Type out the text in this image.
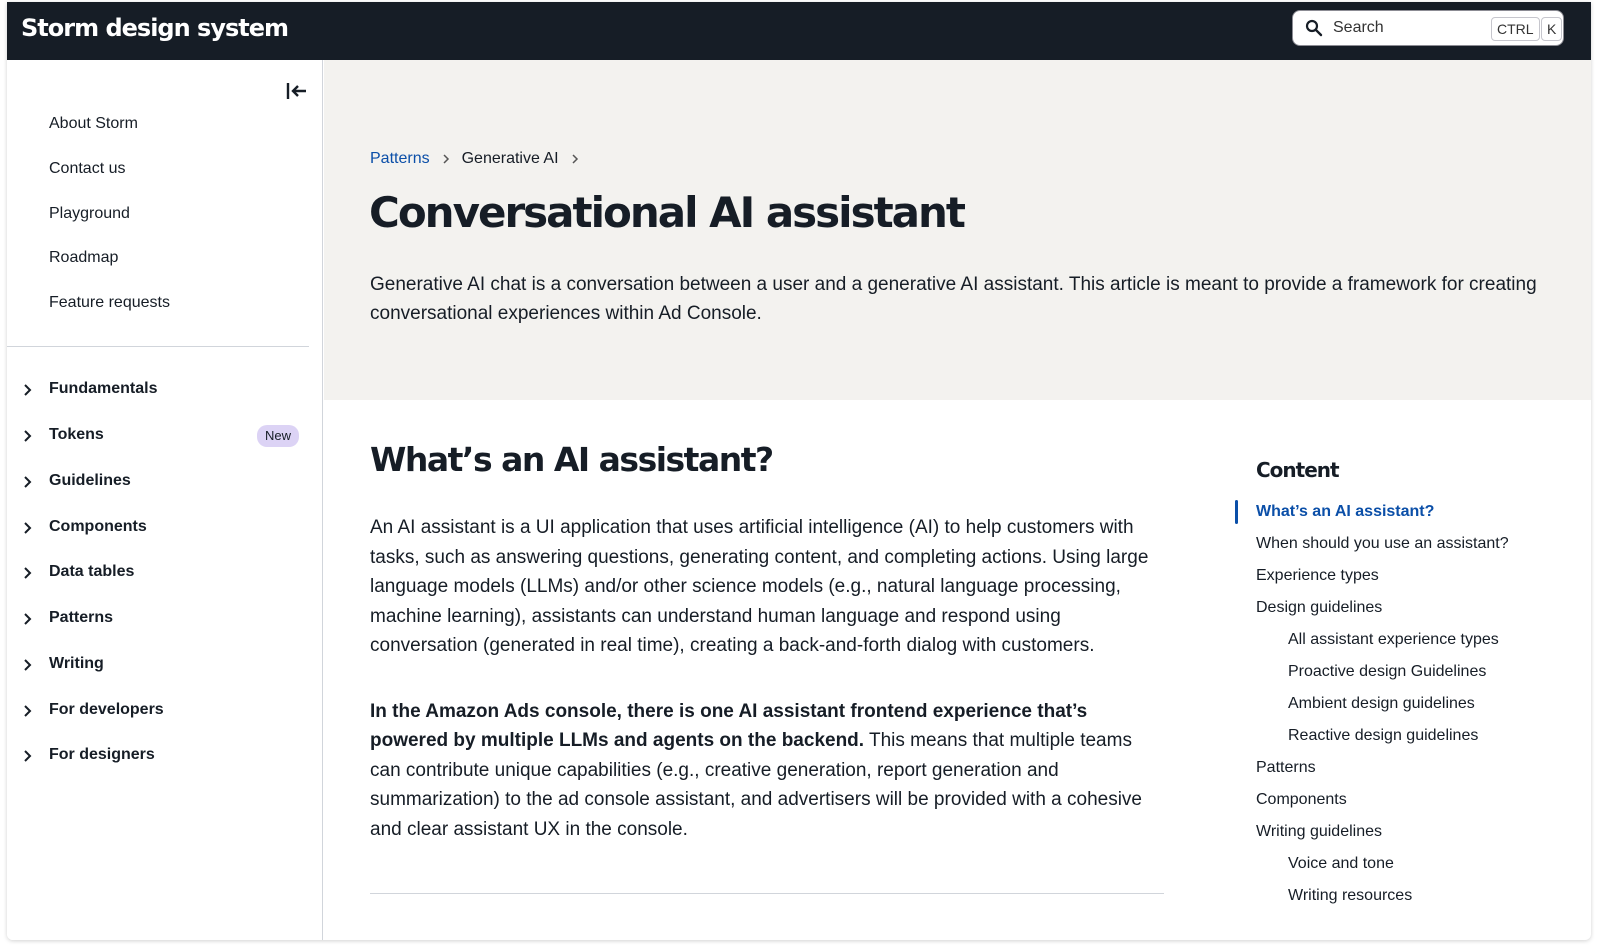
Storm design system
Search	CTRL K
About Storm
Contact us
Playground
Roadmap
Feature requests
Fundamentals
Tokens	New
Guidelines
Components
Data tables
Patterns
Writing
For developers
For designers
Patterns Generative AI
Conversational AI assistant

Generative AI chat is a conversation between a user and a generative AI assistant. This article is meant to provide a framework for creating conversational experiences within Ad Console.

What’s an AI assistant?

An AI assistant is a UI application that uses artificial intelligence (AI) to help customers with tasks, such as answering questions, generating content, and completing actions. Using large language models (LLMs) and/or other science models (e.g., natural language processing, machine learning), assistants can understand human language and respond using conversation (generated in real time), creating a back-and-forth dialog with customers.

In the Amazon Ads console, there is one AI assistant frontend experience that’s powered by multiple LLMs and agents on the backend. This means that multiple teams can contribute unique capabilities (e.g., creative generation, report generation and summarization) to the ad console assistant, and advertisers will be provided with a cohesive and clear assistant UX in the console.

Content
What’s an AI assistant?
When should you use an assistant?
Experience types
Design guidelines
All assistant experience types
Proactive design Guidelines
Ambient design guidelines
Reactive design guidelines
Patterns
Components
Writing guidelines
Voice and tone
Writing resources
